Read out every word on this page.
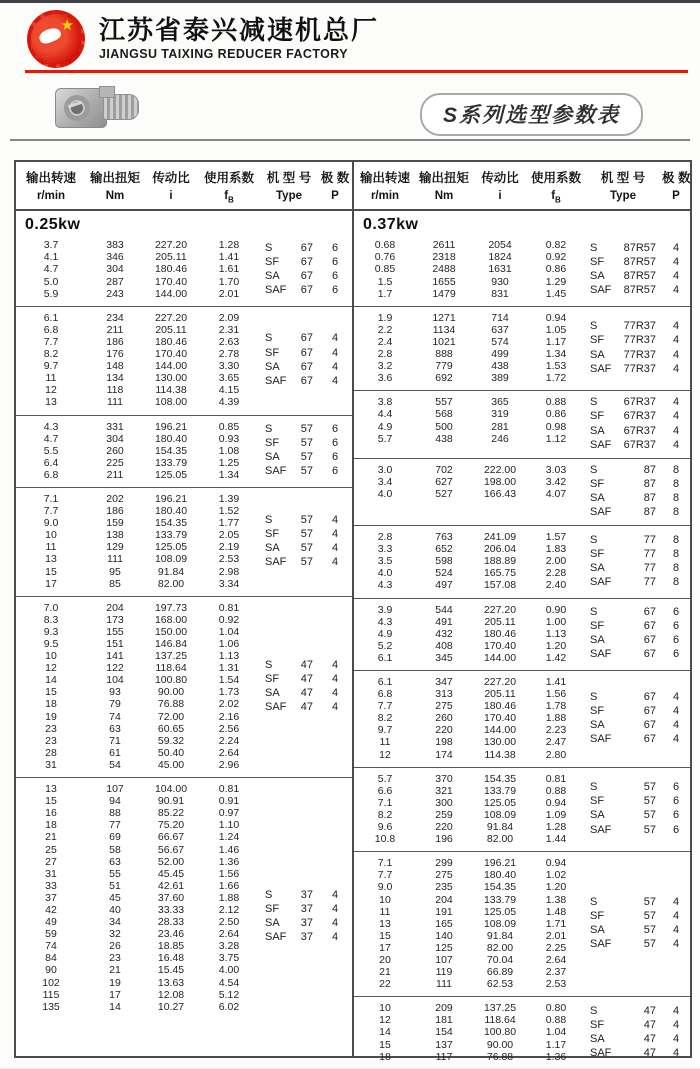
★ 江苏省泰兴减速机总厂
JIANGSU TAIXING REDUCER FACTORY
S系列选型参数表
输出转速
r/min
输出扭矩
Nm
传动比
i
使用系数
$f_B$
机 型 号
Type
极 数
P
0.25kw
3.7	383	227.20	1.28
4.1	346	205.11	1.41
4.7	304	180.46	1.61
5.0	287	170.40	1.70
5.9	243	144.00	2.01
S	67	6
SF 67	6
SA 67	6
SAF 67	6
6.1	234	227.20	2.09
6.8	211	205.11	2.31
7.7	186	180.46	2.63
8.2	176	170.40	2.78
9.7	148	144.00	3.30
11	134	130.00	3.65
12	118	114.38	4.15
13	111	108.00	4.39
S	67	4
SF 67	4
SA 67	4
SAF 67	4
4.3	331	196.21	0.85
4.7	304	180.40	0.93
5.5	260	154.35	1.08
6.4	225	133.79	1.25
6.8	211	125.05	1.34
S	57	6
SF 57	6
SA 57	6
SAF 57	6
7.1	202	196.21	1.39
7.7	186	180.40	1.52
9.0	159	154.35	1.77
10	138	133.79	2.05
11	129	125.05	2.19
13	111	108.09	2.53
15	95	91.84	2.98
17	85	82.00	3.34
S	57	4
SF 57	4
SA 57	4
SAF 57	4
7.0	204	197.73	0.81
8.3	173	168.00	0.92
9.3	155	150.00	1.04
9.5	151	146.84	1.06
10	141	137.25	1.13
12	122	118.64	1.31
14	104	100.80	1.54
15	93	90.00	1.73
18	79	76.88	2.02
19	74	72.00	2.16
23	63	60.65	2.56
23	71	59.32	2.24
28	61	50.40	2.64
31	54	45.00	2.96
S	47	4
SF 47	4
SA 47	4
SAF 47	4
13	107	104.00	0.81
15	94	90.91	0.91
16	88	85.22	0.97
18	77	75.20	1.10
21	69	66.67	1.24
25	58	56.67	1.46
27	63	52.00	1.36
31	55	45.45	1.56
33	51	42.61	1.66
37	45	37.60	1.88
42	40	33.33	2.12
49	34	28.33	2.50
59	32	23.46	2.64
74	26	18.85	3.28
84	23	16.48	3.75
90	21	15.45	4.00
102	19	13.63	4.54
115	17	12.08	5.12
135	14	10.27	6.02
S	37	4
SF 37	4
SA 37	4
SAF 37	4
输出转速
r/min
输出扭矩
Nm
传动比
i
使用系数
$f_B$
机 型 号
Type
极 数
P
0.37kw
0.68	2611	2054	0.82
0.76	2318	1824	0.92
0.85	2488	1631	0.86
1.5	1655	930	1.29
1.7	1479	831	1.45
S 87R57	4
SF 87R57	4
SA 87R57	4
SAF 87R57	4
1.9	1271	714	0.94
2.2	1134	637	1.05
2.4	1021	574	1.17
2.8	888	499	1.34
3.2	779	438	1.53
3.6	692	389	1.72
S 77R37	4
SF 77R37	4
SA 77R37	4
SAF 77R37	4
3.8	557	365	0.88
4.4	568	319	0.86
4.9	500	281	0.98
5.7	438	246	1.12
S 67R37	4
SF 67R37	4
SA 67R37	4
SAF 67R37	4
3.0	702	222.00	3.03
3.4	627	198.00	3.42
4.0	527	166.43	4.07
S	87	8
SF	87	8
SA	87	8
SAF	87	8
2.8	763	241.09	1.57
3.3	652	206.04	1.83
3.5	598	188.89	2.00
4.0	524	165.75	2.28
4.3	497	157.08	2.40
S	77	8
SF	77	8
SA	77	8
SAF	77	8
3.9	544	227.20	0.90
4.3	491	205.11	1.00
4.9	432	180.46	1.13
5.2	408	170.40	1.20
6.1	345	144.00	1.42
S	67	6
SF	67	6
SA	67	6
SAF	67	6
6.1	347	227.20	1.41
6.8	313	205.11	1.56
7.7	275	180.46	1.78
8.2	260	170.40	1.88
9.7	220	144.00	2.23
11	198	130.00	2.47
12	174	114.38	2.80
S	67	4
SF	67	4
SA	67	4
SAF	67	4
5.7	370	154.35	0.81
6.6	321	133.79	0.88
7.1	300	125.05	0.94
8.2	259	108.09	1.09
9.6	220	91.84	1.28
10.8	196	82.00	1.44
S	57	6
SF	57	6
SA	57	6
SAF	57	6
7.1	299	196.21	0.94
7.7	275	180.40	1.02
9.0	235	154.35	1.20
10	204	133.79	1.38
11	191	125.05	1.48
13	165	108.09	1.71
15	140	91.84	2.01
17	125	82.00	2.25
20	107	70.04	2.64
21	119	66.89	2.37
22	111	62.53	2.53
S	57	4
SF	57	4
SA	57	4
SAF	57	4
10	209	137.25	0.80
12	181	118.64	0.88
14	154	100.80	1.04
15	137	90.00	1.17
18	117	76.88	1.36
S	47	4
SF	47	4
SA	47	4
SAF	47	4
